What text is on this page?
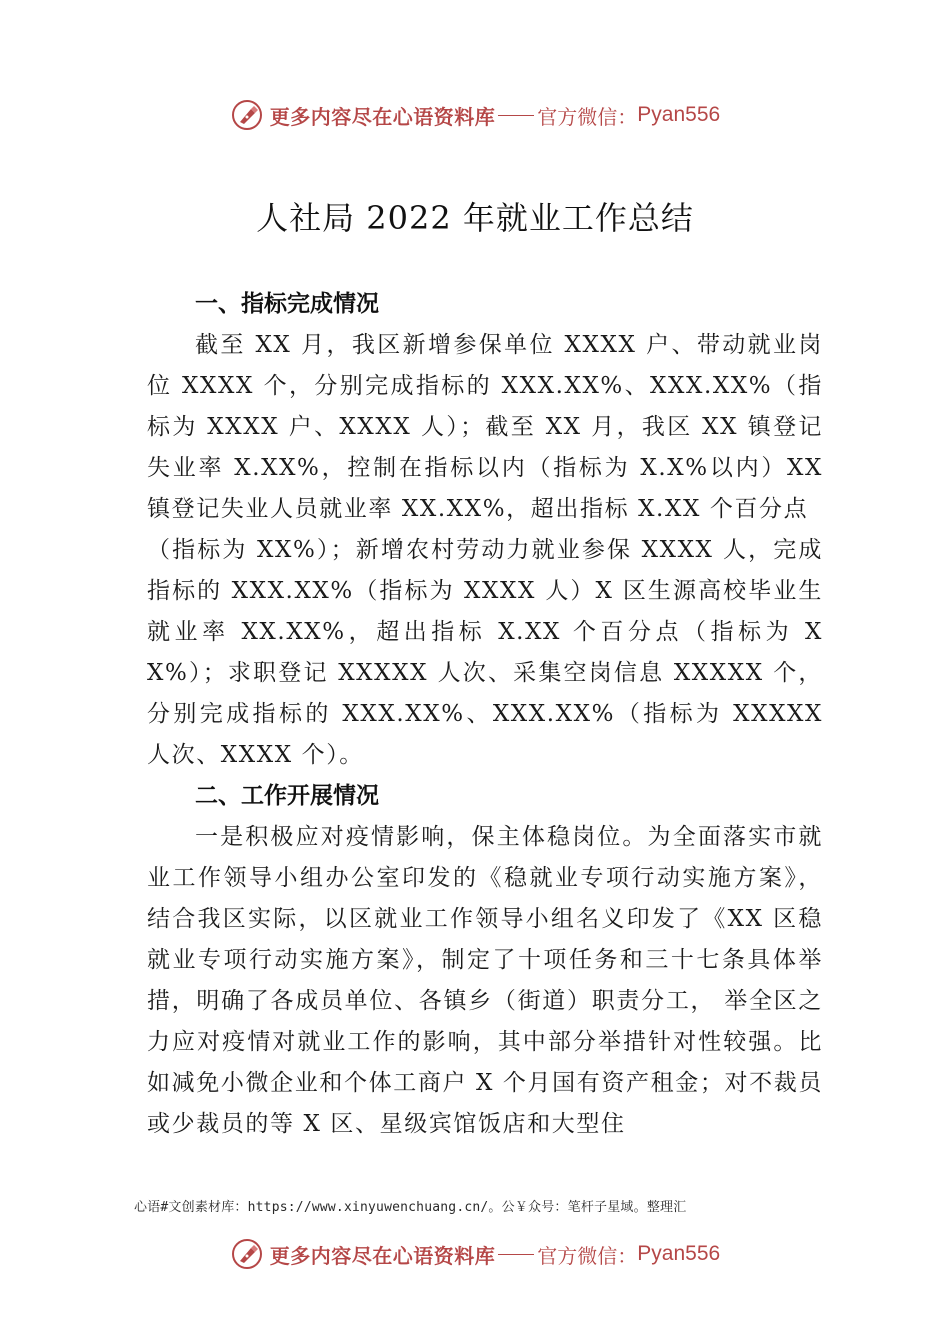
更多内容尽在心语资料库 官方微信： Pyan556
人社局 2022 年就业工作总结

一、指标完成情况

截至 XX 月，我区新增参保单位 XXXX 户、带动就业岗位 XXXX 个，分别完成指标的 XXX.XX%、XXX.XX%（指标为 XXXX 户、XXXX 人）；截至 XX 月，我区 XX 镇登记失业率 X.XX%，控制在指标以内（指标为 X.X%以内）XX 镇登记失业人员就业率 XX.XX%，超出指标 X.XX 个百分点

（指标为 XX%）；新增农村劳动力就业参保 XXXX 人，完成指标的 XXX.XX%（指标为 XXXX 人）X 区生源高校毕业生就业率 XX.XX%，超出指标 X.XX 个百分点（指标为 XX%）；求职登记 XXXXX 人次、采集空岗信息 XXXXX 个，分别完成指标的 XXX.XX%、XXX.XX%（指标为 XXXXX 人次、XXXX 个）。

二、工作开展情况

一是积极应对疫情影响，保主体稳岗位。为全面落实市就业工作领导小组办公室印发的《稳就业专项行动实施方案》，结合我区实际，以区就业工作领导小组名义印发了《XX 区稳就业专项行动实施方案》，制定了十项任务和三十七条具体举措，明确了各成员单位、各镇乡（街道）职责分工， 举全区之力应对疫情对就业工作的影响，其中部分举措针对性较强。比如减免小微企业和个体工商户 X 个月国有资产租金；对不裁员或少裁员的等 X 区、星级宾馆饭店和大型住

心语#文创素材库：https://www.xinyuwenchuang.cn/。公￥众号：笔杆子星域。整理汇
更多内容尽在心语资料库 官方微信： Pyan556
